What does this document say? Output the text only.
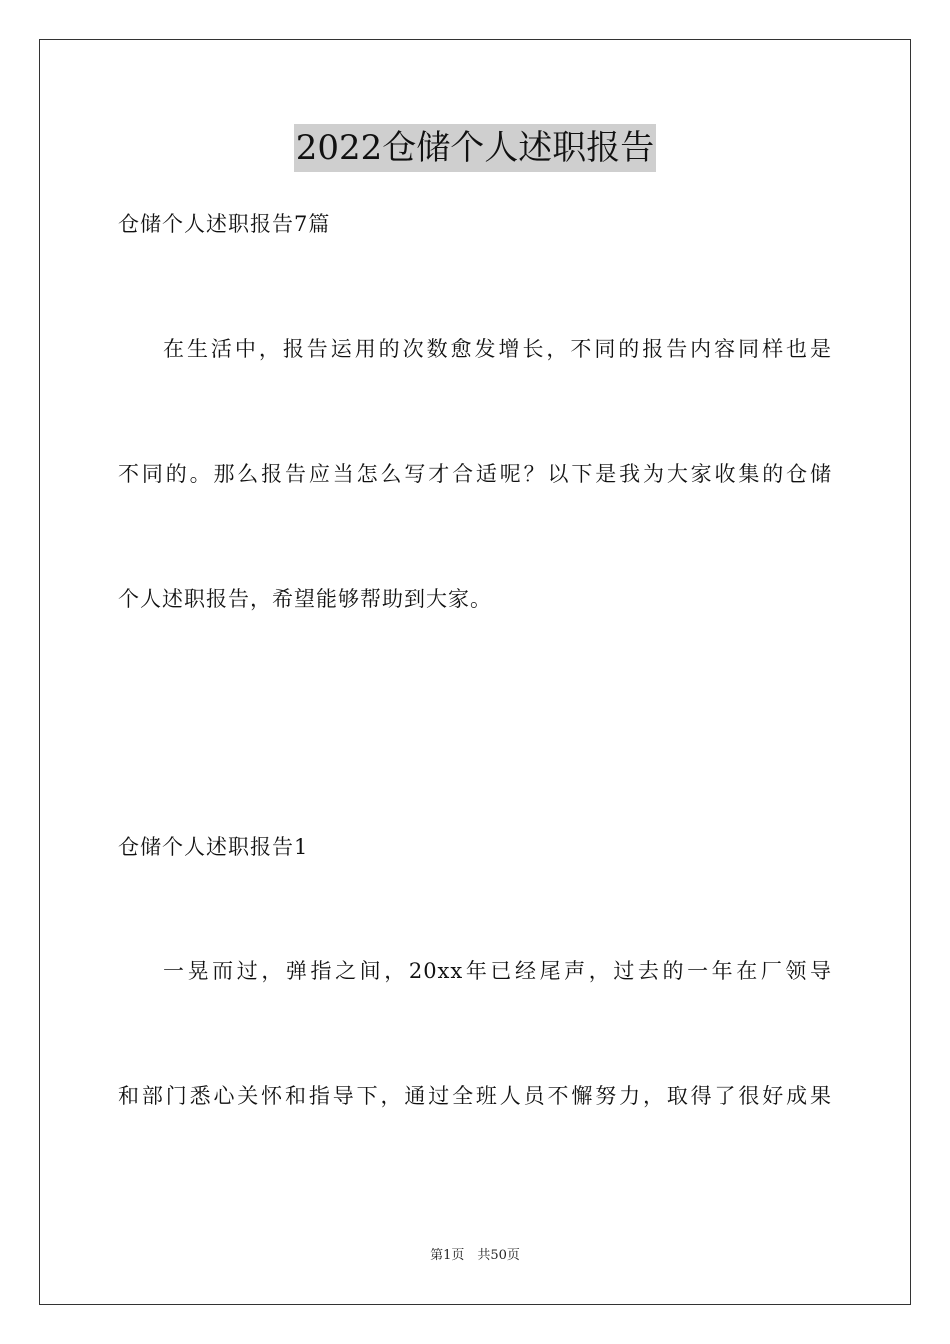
2022仓储个人述职报告
仓储个人述职报告7篇
在生活中，报告运用的次数愈发增长，不同的报告内容同样也是
不同的。那么报告应当怎么写才合适呢？以下是我为大家收集的仓储
个人述职报告，希望能够帮助到大家。
仓储个人述职报告1
一晃而过，弹指之间，20xx年已经尾声，过去的一年在厂领导
和部门悉心关怀和指导下，通过全班人员不懈努力，取得了很好成果
第1页　共50页
